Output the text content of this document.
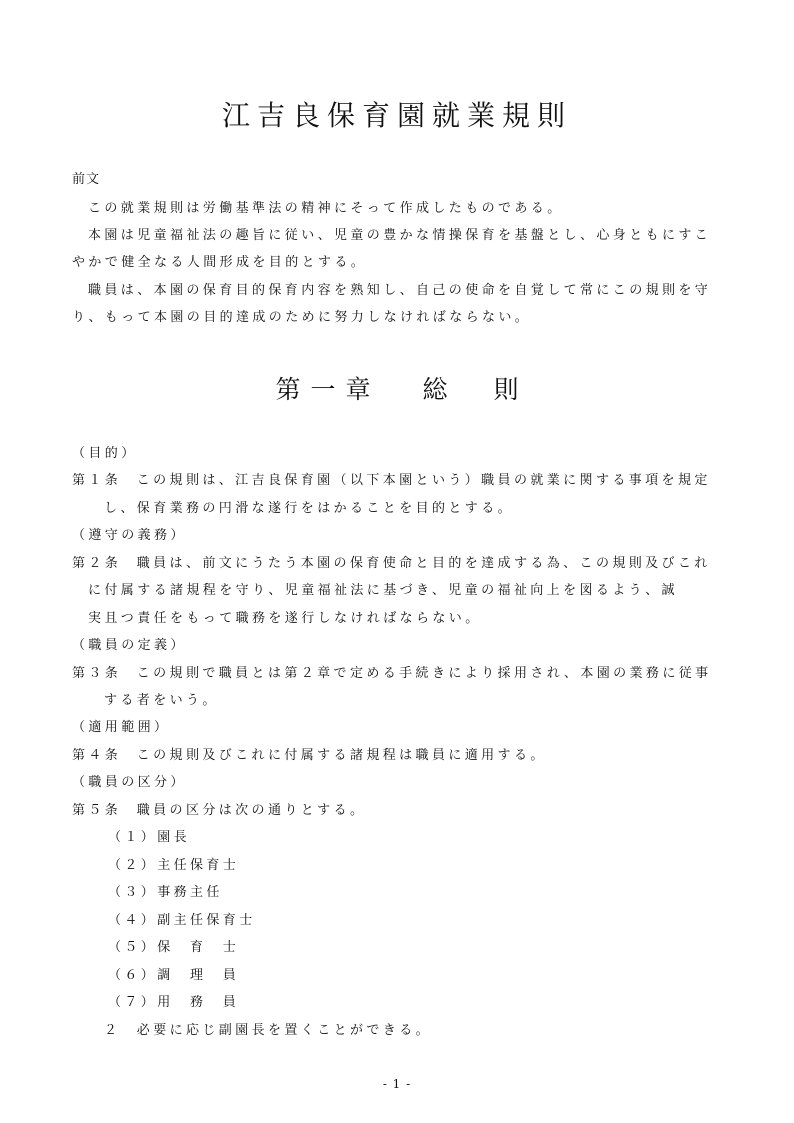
江吉良保育園就業規則
前文
この就業規則は労働基準法の精神にそって作成したものである。
本園は児童福祉法の趣旨に従い、児童の豊かな情操保育を基盤とし、心身ともにすこ
やかで健全なる人間形成を目的とする。
職員は、本園の保育目的保育内容を熟知し、自己の使命を自覚して常にこの規則を守
り、もって本園の目的達成のために努力しなければならない。
第一章 総則
（目的）
第１条 この規則は、江吉良保育園（以下本園という）職員の就業に関する事項を規定
し、保育業務の円滑な遂行をはかることを目的とする。
（遵守の義務）
第２条 職員は、前文にうたう本園の保育使命と目的を達成する為、この規則及びこれ
に付属する諸規程を守り、児童福祉法に基づき、児童の福祉向上を図るよう、誠
実且つ責任をもって職務を遂行しなければならない。
（職員の定義）
第３条 この規則で職員とは第２章で定める手続きにより採用され、本園の業務に従事
する者をいう。
（適用範囲）
第４条 この規則及びこれに付属する諸規程は職員に適用する。
（職員の区分）
第５条 職員の区分は次の通りとする。
（１）園長
（２）主任保育士
（３）事務主任
（４）副主任保育士
（５）保　育　士
（６）調　理　員
（７）用　務　員
２　必要に応じ副園長を置くことができる。
- 1 -
